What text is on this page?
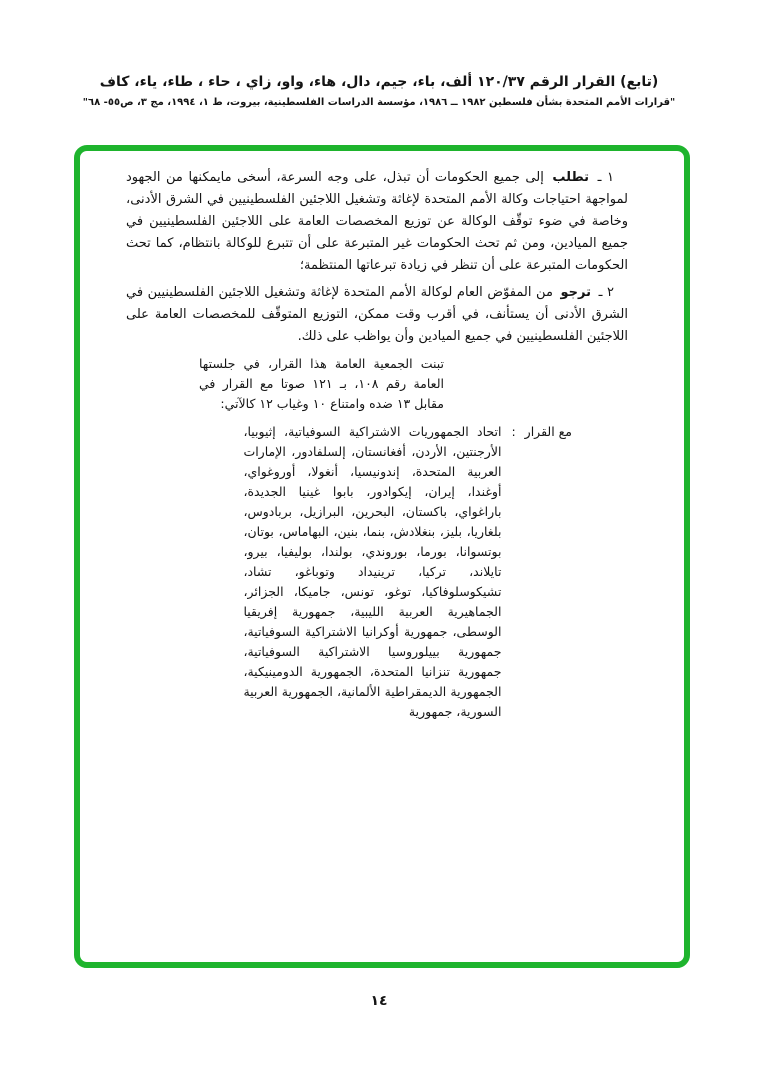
(تابع) القرار الرقم ١٢٠/٣٧ ألف، باء، جيم، دال، هاء، واو، زاي ، حاء ، طاء، ياء، كاف
"قرارات الأمم المتحدة بشأن فلسطين ١٩٨٢ ــ ١٩٨٦، مؤسسة الدراسات الفلسطينية، بيروت، ط ١، ١٩٩٤، مج ٣، ص٥٥- ٦٨"

١ ـ تطلب إلى جميع الحكومات أن تبذل، على وجه السرعة، أسخى مايمكنها من الجهود لمواجهة احتياجات وكالة الأمم المتحدة لإغاثة وتشغيل اللاجئين الفلسطينيين في الشرق الأدنى، وخاصة في ضوء توقّف الوكالة عن توزيع المخصصات العامة على اللاجئين الفلسطينيين في جميع الميادين، ومن ثم تحث الحكومات غير المتبرعة على أن تتبرع للوكالة بانتظام، كما تحث الحكومات المتبرعة على أن تنظر في زيادة تبرعاتها المنتظمة؛

٢ ـ ترجو من المفوّض العام لوكالة الأمم المتحدة لإغاثة وتشغيل اللاجئين الفلسطينيين في الشرق الأدنى أن يستأنف، في أقرب وقت ممكن، التوزيع المتوقّف للمخصصات العامة على اللاجئين الفلسطينيين في جميع الميادين وأن يواظب على ذلك.

تبنت الجمعية العامة هذا القرار، في جلستها العامة رقم ١٠٨، بـ ١٢١ صوتا مع القرار في مقابل ١٣ ضده وامتناع ١٠ وغياب ١٢ كالآتي:
مع القرار
:
اتحاد الجمهوريات الاشتراكية السوفياتية، إثيوبيا، الأرجنتين، الأردن، أفغانستان، إلسلفادور، الإمارات العربية المتحدة، إندونيسيا، أنغولا، أوروغواي، أوغندا، إيران، إيكوادور، بابوا غينيا الجديدة، باراغواي، باكستان، البحرين، البرازيل، بربادوس، بلغاريا، بليز، بنغلادش، بنما، بنين، البهاماس، بوتان، بوتسوانا، بورما، بوروندي، بولندا، بوليفيا، بيرو، تايلاند، تركيا، ترينيداد وتوباغو، تشاد، تشيكوسلوفاكيا، توغو، تونس، جاميكا، الجزائر، الجماهيرية العربية الليبية، جمهورية إفريقيا الوسطى، جمهورية أوكرانيا الاشتراكية السوفياتية، جمهورية بييلوروسيا الاشتراكية السوفياتية، جمهورية تنزانيا المتحدة، الجمهورية الدومينيكية، الجمهورية الديمقراطية الألمانية، الجمهورية العربية السورية، جمهورية
١٤
